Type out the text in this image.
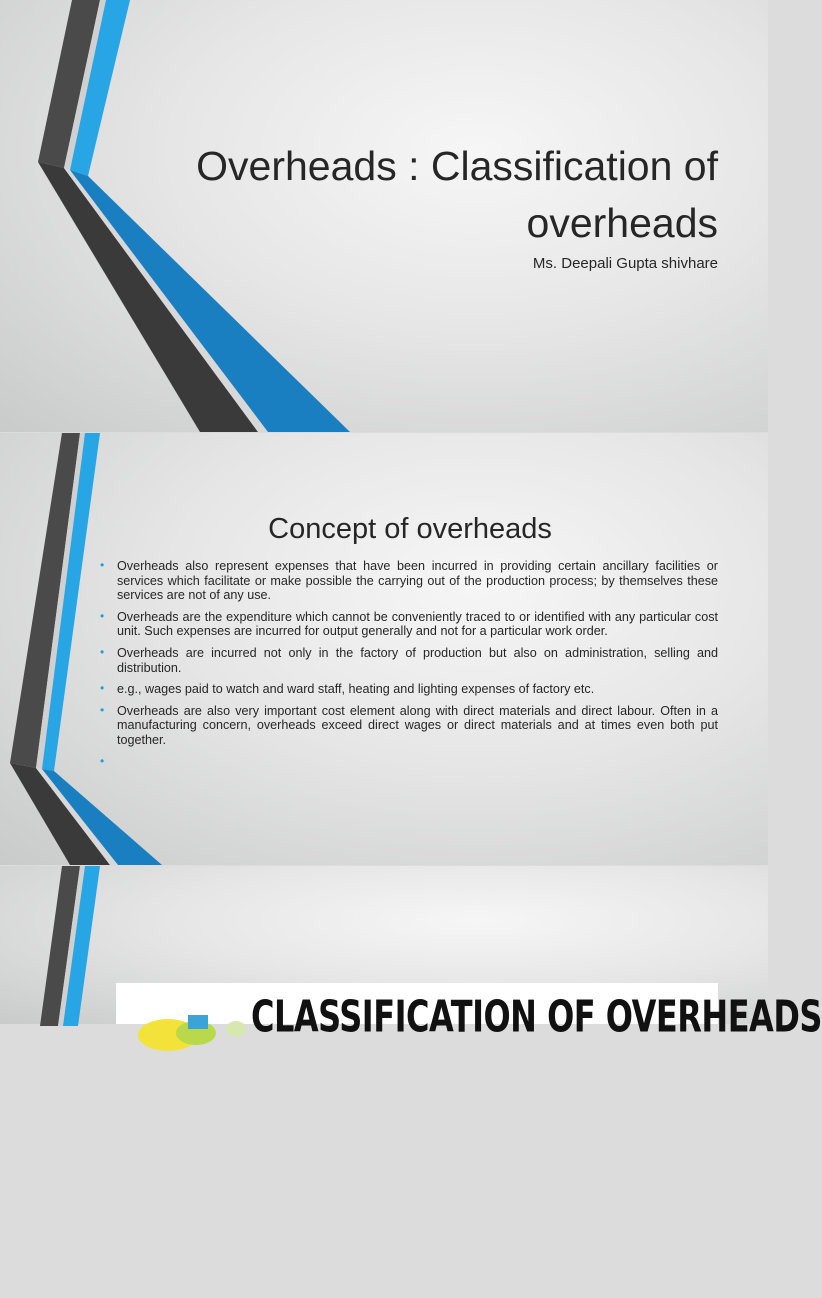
Overheads : Classification of overheads
Ms. Deepali Gupta shivhare
Concept of overheads
• Overheads also represent expenses that have been incurred in providing certain ancillary facilities or services which facilitate or make possible the carrying out of the production process; by themselves these services are not of any use.
• Overheads are the expenditure which cannot be conveniently traced to or identified with any particular cost unit. Such expenses are incurred for output generally and not for a particular work order.
• Overheads are incurred not only in the factory of production but also on administration, selling and distribution.
• e.g., wages paid to watch and ward staff, heating and lighting expenses of factory etc.
• Overheads are also very important cost element along with direct materials and direct labour. Often in a manufacturing concern, overheads exceed direct wages or direct materials and at times even both put together.
•
CLASSIFICATION OF OVERHEADS
